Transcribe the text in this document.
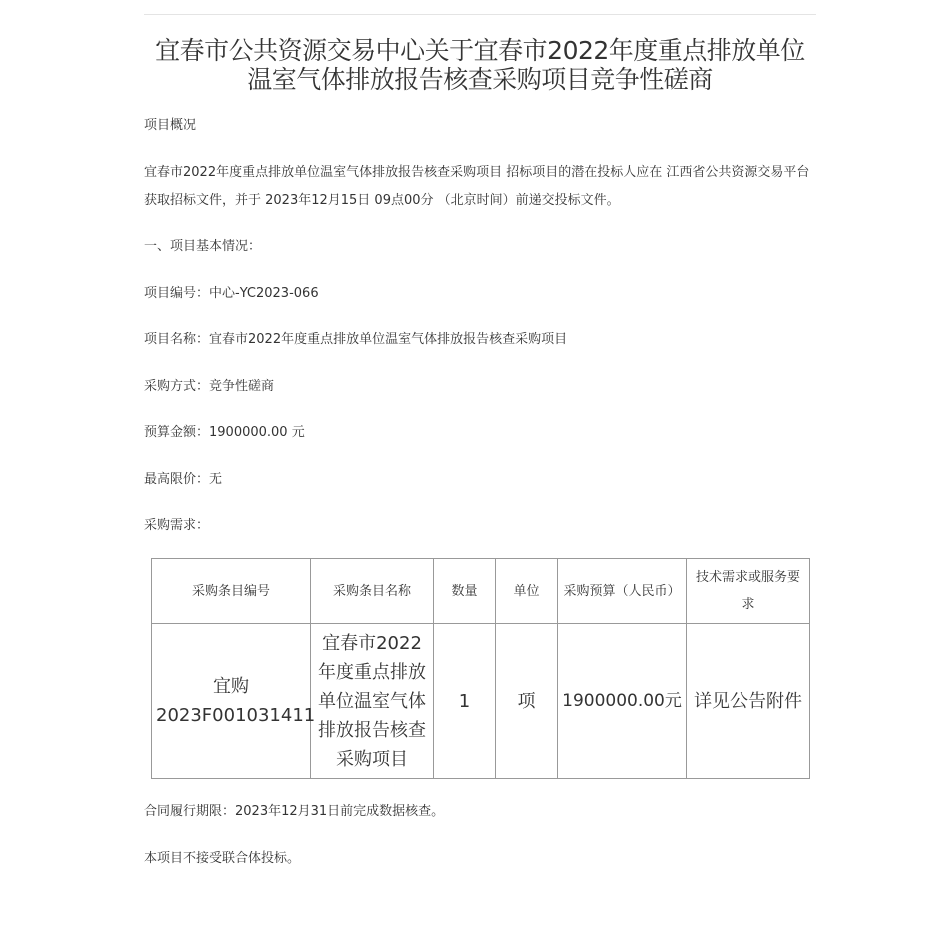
宜春市公共资源交易中心关于宜春市2022年度重点排放单位温室气体排放报告核查采购项目竞争性磋商
项目概况
宜春市2022年度重点排放单位温室气体排放报告核查采购项目 招标项目的潜在投标人应在 江西省公共资源交易平台 获取招标文件，并于 2023年12月15日 09点00分 （北京时间）前递交投标文件。
一、项目基本情况：
项目编号：中心-YC2023-066
项目名称：宜春市2022年度重点排放单位温室气体排放报告核查采购项目
采购方式：竞争性磋商
预算金额：1900000.00 元
最高限价：无
采购需求：
采购条目编号	采购条目名称	数量	单位	采购预算（人民币）	技术需求或服务要求
宜购2023F001031411	宜春市2022年度重点排放单位温室气体排放报告核查采购项目	1	项	1900000.00元	详见公告附件
合同履行期限：2023年12月31日前完成数据核查。
本项目不接受联合体投标。
